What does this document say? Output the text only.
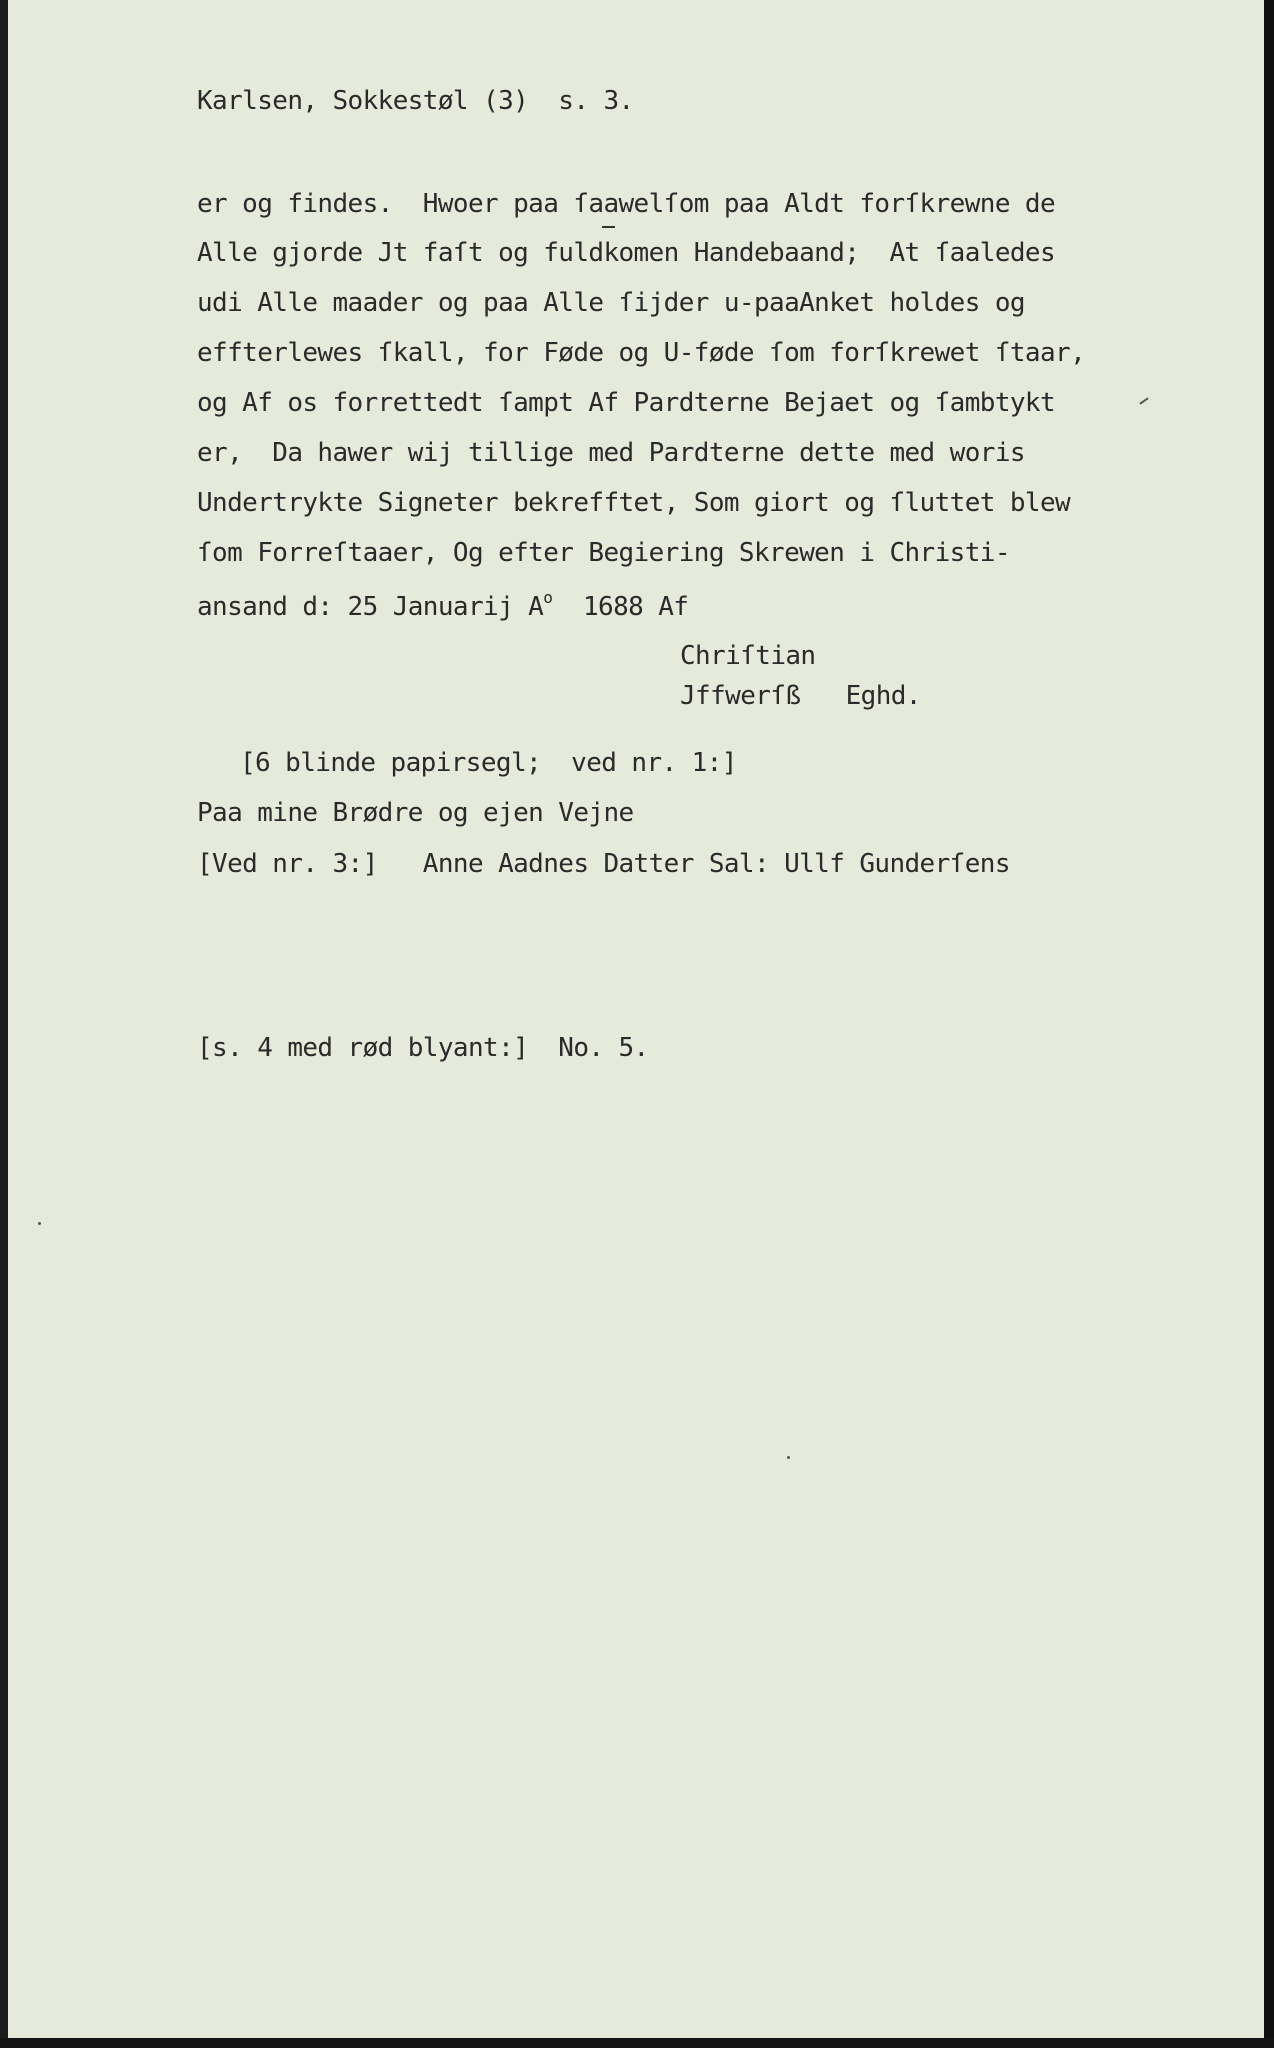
Karlsen, Sokkestøl (3)  s. 3.

er og findes.  Hwoer paa ſaawelſom paa Aldt forſkrewne de

Alle gjorde Jt faſt og fuldkomen Handebaand;  At ſaaledes

udi Alle maader og paa Alle ſijder u-paaAnket holdes og

effterlewes ſkall, for Føde og U-føde ſom forſkrewet ſtaar,

og Af os forrettedt ſampt Af Pardterne Bejaet og ſambtykt

er,  Da hawer wij tillige med Pardterne dette med woris

Undertrykte Signeter bekrefftet, Som giort og ſluttet blew

ſom Forreſtaaer, Og efter Begiering Skrewen i Christi-

ansand d: 25 Januarij $A^o$  1688 Af

Chriſtian

Jffwerſß   Eghd.

[6 blinde papirsegl;  ved nr. 1:]

Paa mine Brødre og ejen Vejne

[Ved nr. 3:]   Anne Aadnes Datter Sal: Ullf Gunderſens

[s. 4 med rød blyant:]  No. 5.
